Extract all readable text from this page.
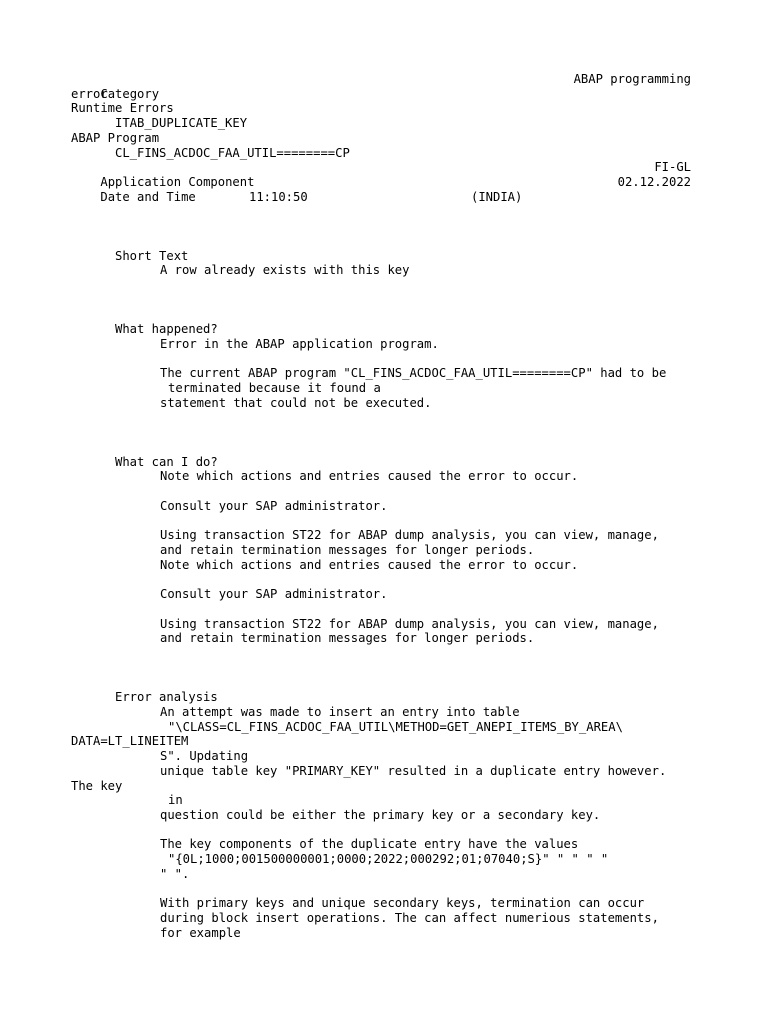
Category

ABAP programming

error
Runtime Errors
ITAB_DUPLICATE_KEY
ABAP Program
CL_FINS_ACDOC_FAA_UTIL========CP

Application Component

FI-GL

Date and Time

02.12.2022

11:10:50

	(INDIA)

Short Text
A row already exists with this key
What happened?
Error in the ABAP application program.
The current ABAP program "CL_FINS_ACDOC_FAA_UTIL========CP" had to be
terminated because it found a
statement that could not be executed.
What can I do?
Note which actions and entries caused the error to occur.
Consult your SAP administrator.
Using transaction ST22 for ABAP dump analysis, you can view, manage,
and retain termination messages for longer periods.
Note which actions and entries caused the error to occur.
Consult your SAP administrator.
Using transaction ST22 for ABAP dump analysis, you can view, manage,
and retain termination messages for longer periods.
Error analysis
An attempt was made to insert an entry into table
"\CLASS=CL_FINS_ACDOC_FAA_UTIL\METHOD=GET_ANEPI_ITEMS_BY_AREA\
DATA=LT_LINEITEM
S". Updating
unique table key "PRIMARY_KEY" resulted in a duplicate entry however.
The key
in
question could be either the primary key or a secondary key.
The key components of the duplicate entry have the values
"{0L;1000;001500000001;0000;2022;000292;01;07040;S}" " " " "
" ".
With primary keys and unique secondary keys, termination can occur
during block insert operations. The can affect numerious statements,
for example
